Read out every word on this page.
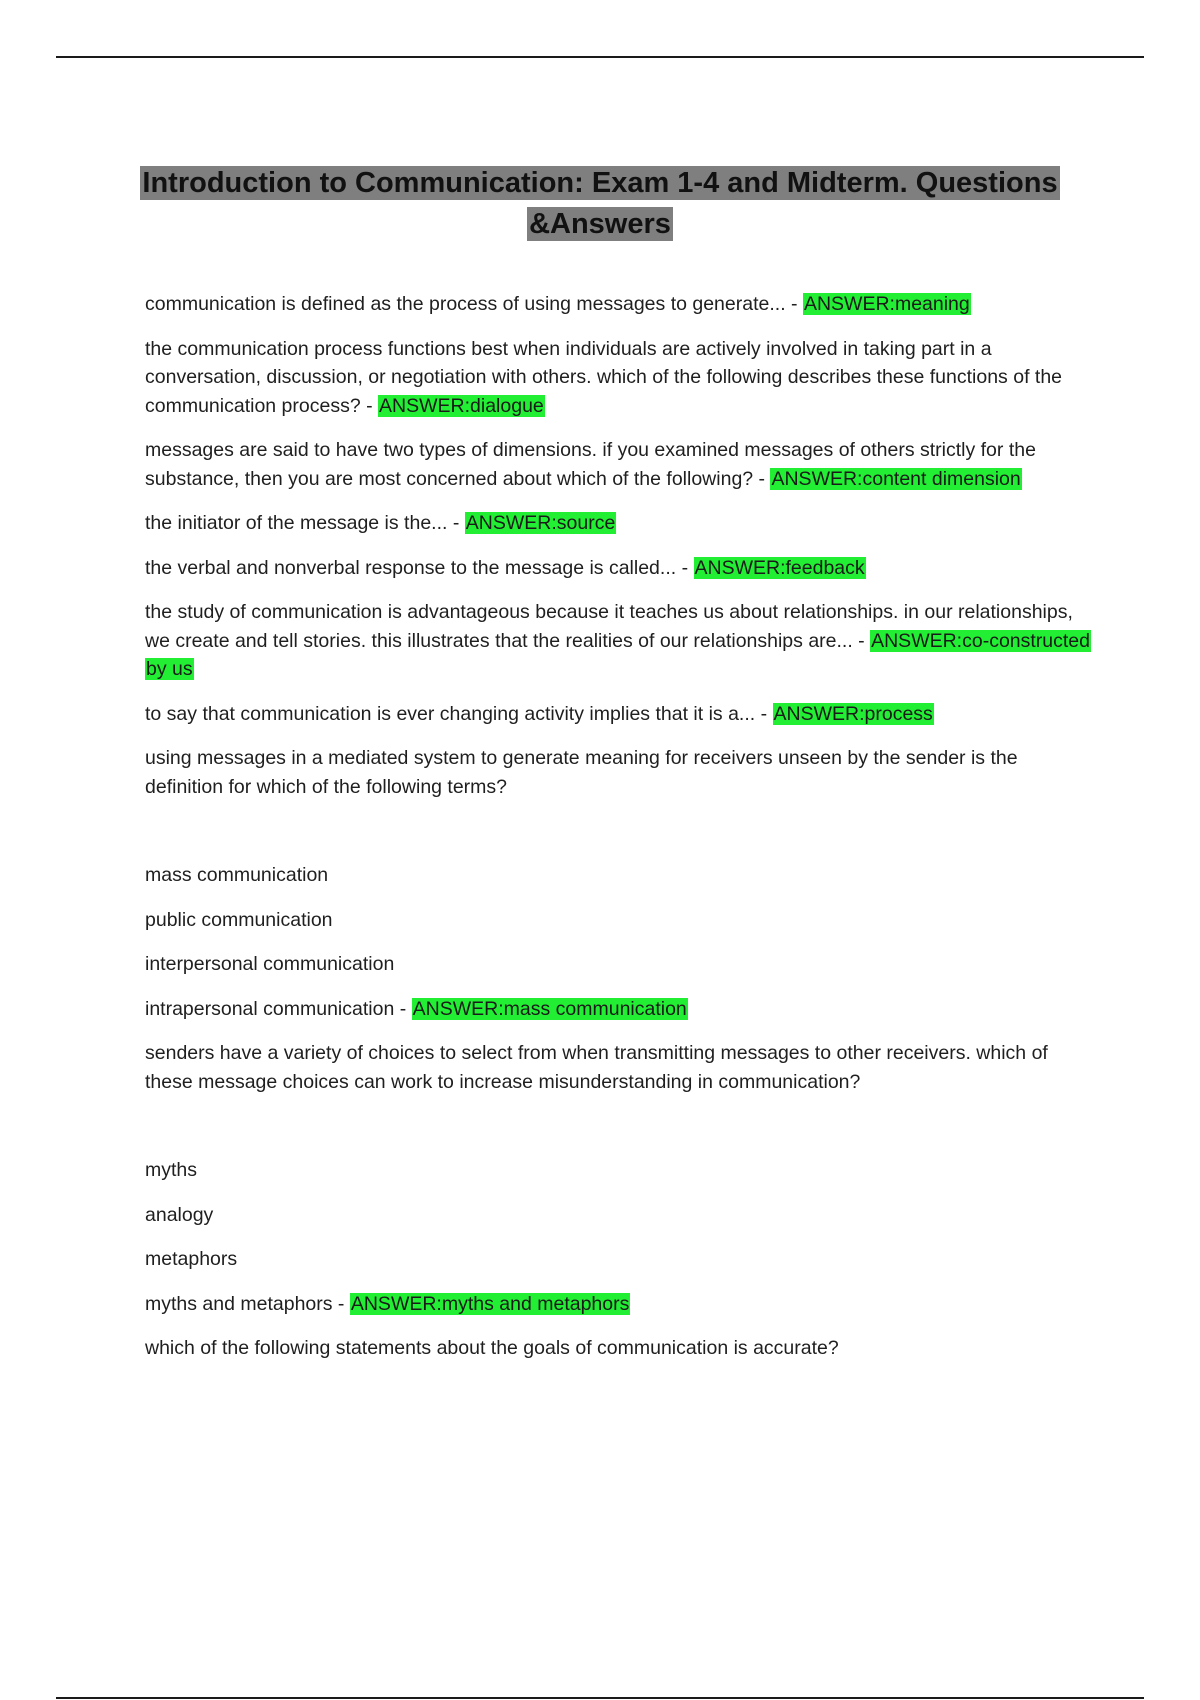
Introduction to Communication: Exam 1-4 and Midterm. Questions &Answers

communication is defined as the process of using messages to generate... - ANSWER:meaning

the communication process functions best when individuals are actively involved in taking part in a conversation, discussion, or negotiation with others. which of the following describes these functions of the communication process? - ANSWER:dialogue

messages are said to have two types of dimensions. if you examined messages of others strictly for the substance, then you are most concerned about which of the following? - ANSWER:content dimension

the initiator of the message is the... - ANSWER:source

the verbal and nonverbal response to the message is called... - ANSWER:feedback

the study of communication is advantageous because it teaches us about relationships. in our relationships, we create and tell stories. this illustrates that the realities of our relationships are... - ANSWER:co-constructed by us

to say that communication is ever changing activity implies that it is a... - ANSWER:process

using messages in a mediated system to generate meaning for receivers unseen by the sender is the definition for which of the following terms?

mass communication

public communication

interpersonal communication

intrapersonal communication - ANSWER:mass communication

senders have a variety of choices to select from when transmitting messages to other receivers. which of these message choices can work to increase misunderstanding in communication?

myths

analogy

metaphors

myths and metaphors - ANSWER:myths and metaphors

which of the following statements about the goals of communication is accurate?
